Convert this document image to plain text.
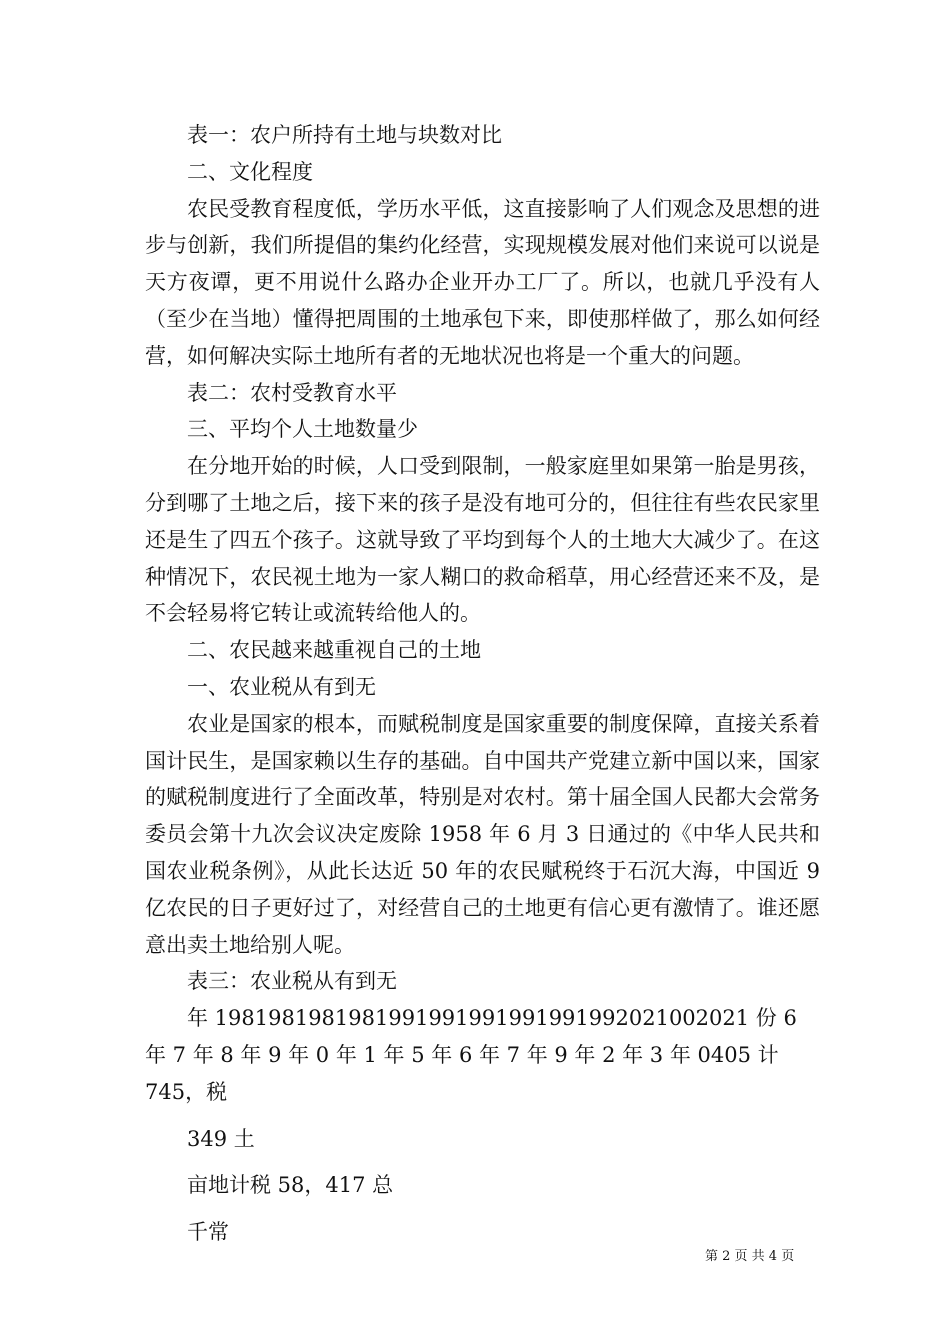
表一：农户所持有土地与块数对比

二、文化程度

农民受教育程度低，学历水平低，这直接影响了人们观念及思想的进步与创新，我们所提倡的集约化经营，实现规模发展对他们来说可以说是天方夜谭，更不用说什么路办企业开办工厂了。所以，也就几乎没有人（至少在当地）懂得把周围的土地承包下来，即使那样做了，那么如何经营，如何解决实际土地所有者的无地状况也将是一个重大的问题。

表二：农村受教育水平

三、平均个人土地数量少

在分地开始的时候，人口受到限制，一般家庭里如果第一胎是男孩，分到哪了土地之后，接下来的孩子是没有地可分的，但往往有些农民家里还是生了四五个孩子。这就导致了平均到每个人的土地大大减少了。在这种情况下，农民视土地为一家人糊口的救命稻草，用心经营还来不及，是不会轻易将它转让或流转给他人的。

二、农民越来越重视自己的土地

一、农业税从有到无

农业是国家的根本，而赋税制度是国家重要的制度保障，直接关系着国计民生，是国家赖以生存的基础。自中国共产党建立新中国以来，国家的赋税制度进行了全面改革，特别是对农村。第十届全国人民都大会常务委员会第十九次会议决定废除 1958 年 6 月 3 日通过的《中华人民共和国农业税条例》，从此长达近 50 年的农民赋税终于石沉大海，中国近 9 亿农民的日子更好过了，对经营自己的土地更有信心更有激情了。谁还愿意出卖土地给别人呢。

表三：农业税从有到无

年 1981981981981991991991991991992021002021 份 6 年 7 年 8 年 9 年 0 年 1 年 5 年 6 年 7 年 9 年 2 年 3 年 0405 计 745，税

349 土

亩地计税 58，417 总

千常

第 2 页 共 4 页
